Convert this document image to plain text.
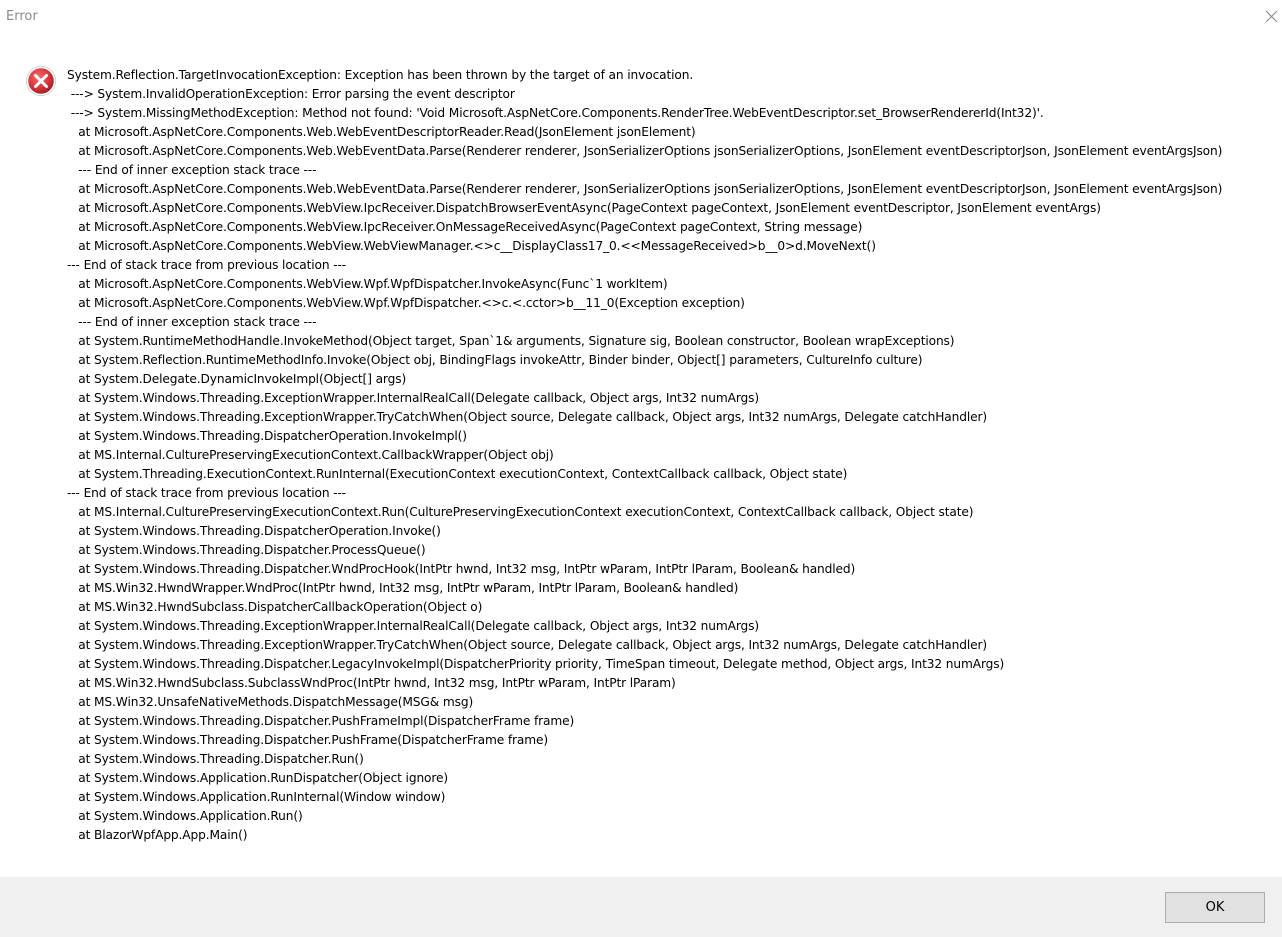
Error
System.Reflection.TargetInvocationException: Exception has been thrown by the target of an invocation.
---> System.InvalidOperationException: Error parsing the event descriptor
---> System.MissingMethodException: Method not found: 'Void Microsoft.AspNetCore.Components.RenderTree.WebEventDescriptor.set_BrowserRendererId(Int32)'.
at Microsoft.AspNetCore.Components.Web.WebEventDescriptorReader.Read(JsonElement jsonElement)
at Microsoft.AspNetCore.Components.Web.WebEventData.Parse(Renderer renderer, JsonSerializerOptions jsonSerializerOptions, JsonElement eventDescriptorJson, JsonElement eventArgsJson)
--- End of inner exception stack trace ---
at Microsoft.AspNetCore.Components.Web.WebEventData.Parse(Renderer renderer, JsonSerializerOptions jsonSerializerOptions, JsonElement eventDescriptorJson, JsonElement eventArgsJson)
at Microsoft.AspNetCore.Components.WebView.IpcReceiver.DispatchBrowserEventAsync(PageContext pageContext, JsonElement eventDescriptor, JsonElement eventArgs)
at Microsoft.AspNetCore.Components.WebView.IpcReceiver.OnMessageReceivedAsync(PageContext pageContext, String message)
at Microsoft.AspNetCore.Components.WebView.WebViewManager.<>c__DisplayClass17_0.<<MessageReceived>b__0>d.MoveNext()
--- End of stack trace from previous location ---
at Microsoft.AspNetCore.Components.WebView.Wpf.WpfDispatcher.InvokeAsync(Func`1 workItem)
at Microsoft.AspNetCore.Components.WebView.Wpf.WpfDispatcher.<>c.<.cctor>b__11_0(Exception exception)
--- End of inner exception stack trace ---
at System.RuntimeMethodHandle.InvokeMethod(Object target, Span`1& arguments, Signature sig, Boolean constructor, Boolean wrapExceptions)
at System.Reflection.RuntimeMethodInfo.Invoke(Object obj, BindingFlags invokeAttr, Binder binder, Object[] parameters, CultureInfo culture)
at System.Delegate.DynamicInvokeImpl(Object[] args)
at System.Windows.Threading.ExceptionWrapper.InternalRealCall(Delegate callback, Object args, Int32 numArgs)
at System.Windows.Threading.ExceptionWrapper.TryCatchWhen(Object source, Delegate callback, Object args, Int32 numArgs, Delegate catchHandler)
at System.Windows.Threading.DispatcherOperation.InvokeImpl()
at MS.Internal.CulturePreservingExecutionContext.CallbackWrapper(Object obj)
at System.Threading.ExecutionContext.RunInternal(ExecutionContext executionContext, ContextCallback callback, Object state)
--- End of stack trace from previous location ---
at MS.Internal.CulturePreservingExecutionContext.Run(CulturePreservingExecutionContext executionContext, ContextCallback callback, Object state)
at System.Windows.Threading.DispatcherOperation.Invoke()
at System.Windows.Threading.Dispatcher.ProcessQueue()
at System.Windows.Threading.Dispatcher.WndProcHook(IntPtr hwnd, Int32 msg, IntPtr wParam, IntPtr lParam, Boolean& handled)
at MS.Win32.HwndWrapper.WndProc(IntPtr hwnd, Int32 msg, IntPtr wParam, IntPtr lParam, Boolean& handled)
at MS.Win32.HwndSubclass.DispatcherCallbackOperation(Object o)
at System.Windows.Threading.ExceptionWrapper.InternalRealCall(Delegate callback, Object args, Int32 numArgs)
at System.Windows.Threading.ExceptionWrapper.TryCatchWhen(Object source, Delegate callback, Object args, Int32 numArgs, Delegate catchHandler)
at System.Windows.Threading.Dispatcher.LegacyInvokeImpl(DispatcherPriority priority, TimeSpan timeout, Delegate method, Object args, Int32 numArgs)
at MS.Win32.HwndSubclass.SubclassWndProc(IntPtr hwnd, Int32 msg, IntPtr wParam, IntPtr lParam)
at MS.Win32.UnsafeNativeMethods.DispatchMessage(MSG& msg)
at System.Windows.Threading.Dispatcher.PushFrameImpl(DispatcherFrame frame)
at System.Windows.Threading.Dispatcher.PushFrame(DispatcherFrame frame)
at System.Windows.Threading.Dispatcher.Run()
at System.Windows.Application.RunDispatcher(Object ignore)
at System.Windows.Application.RunInternal(Window window)
at System.Windows.Application.Run()
at BlazorWpfApp.App.Main()
OK
